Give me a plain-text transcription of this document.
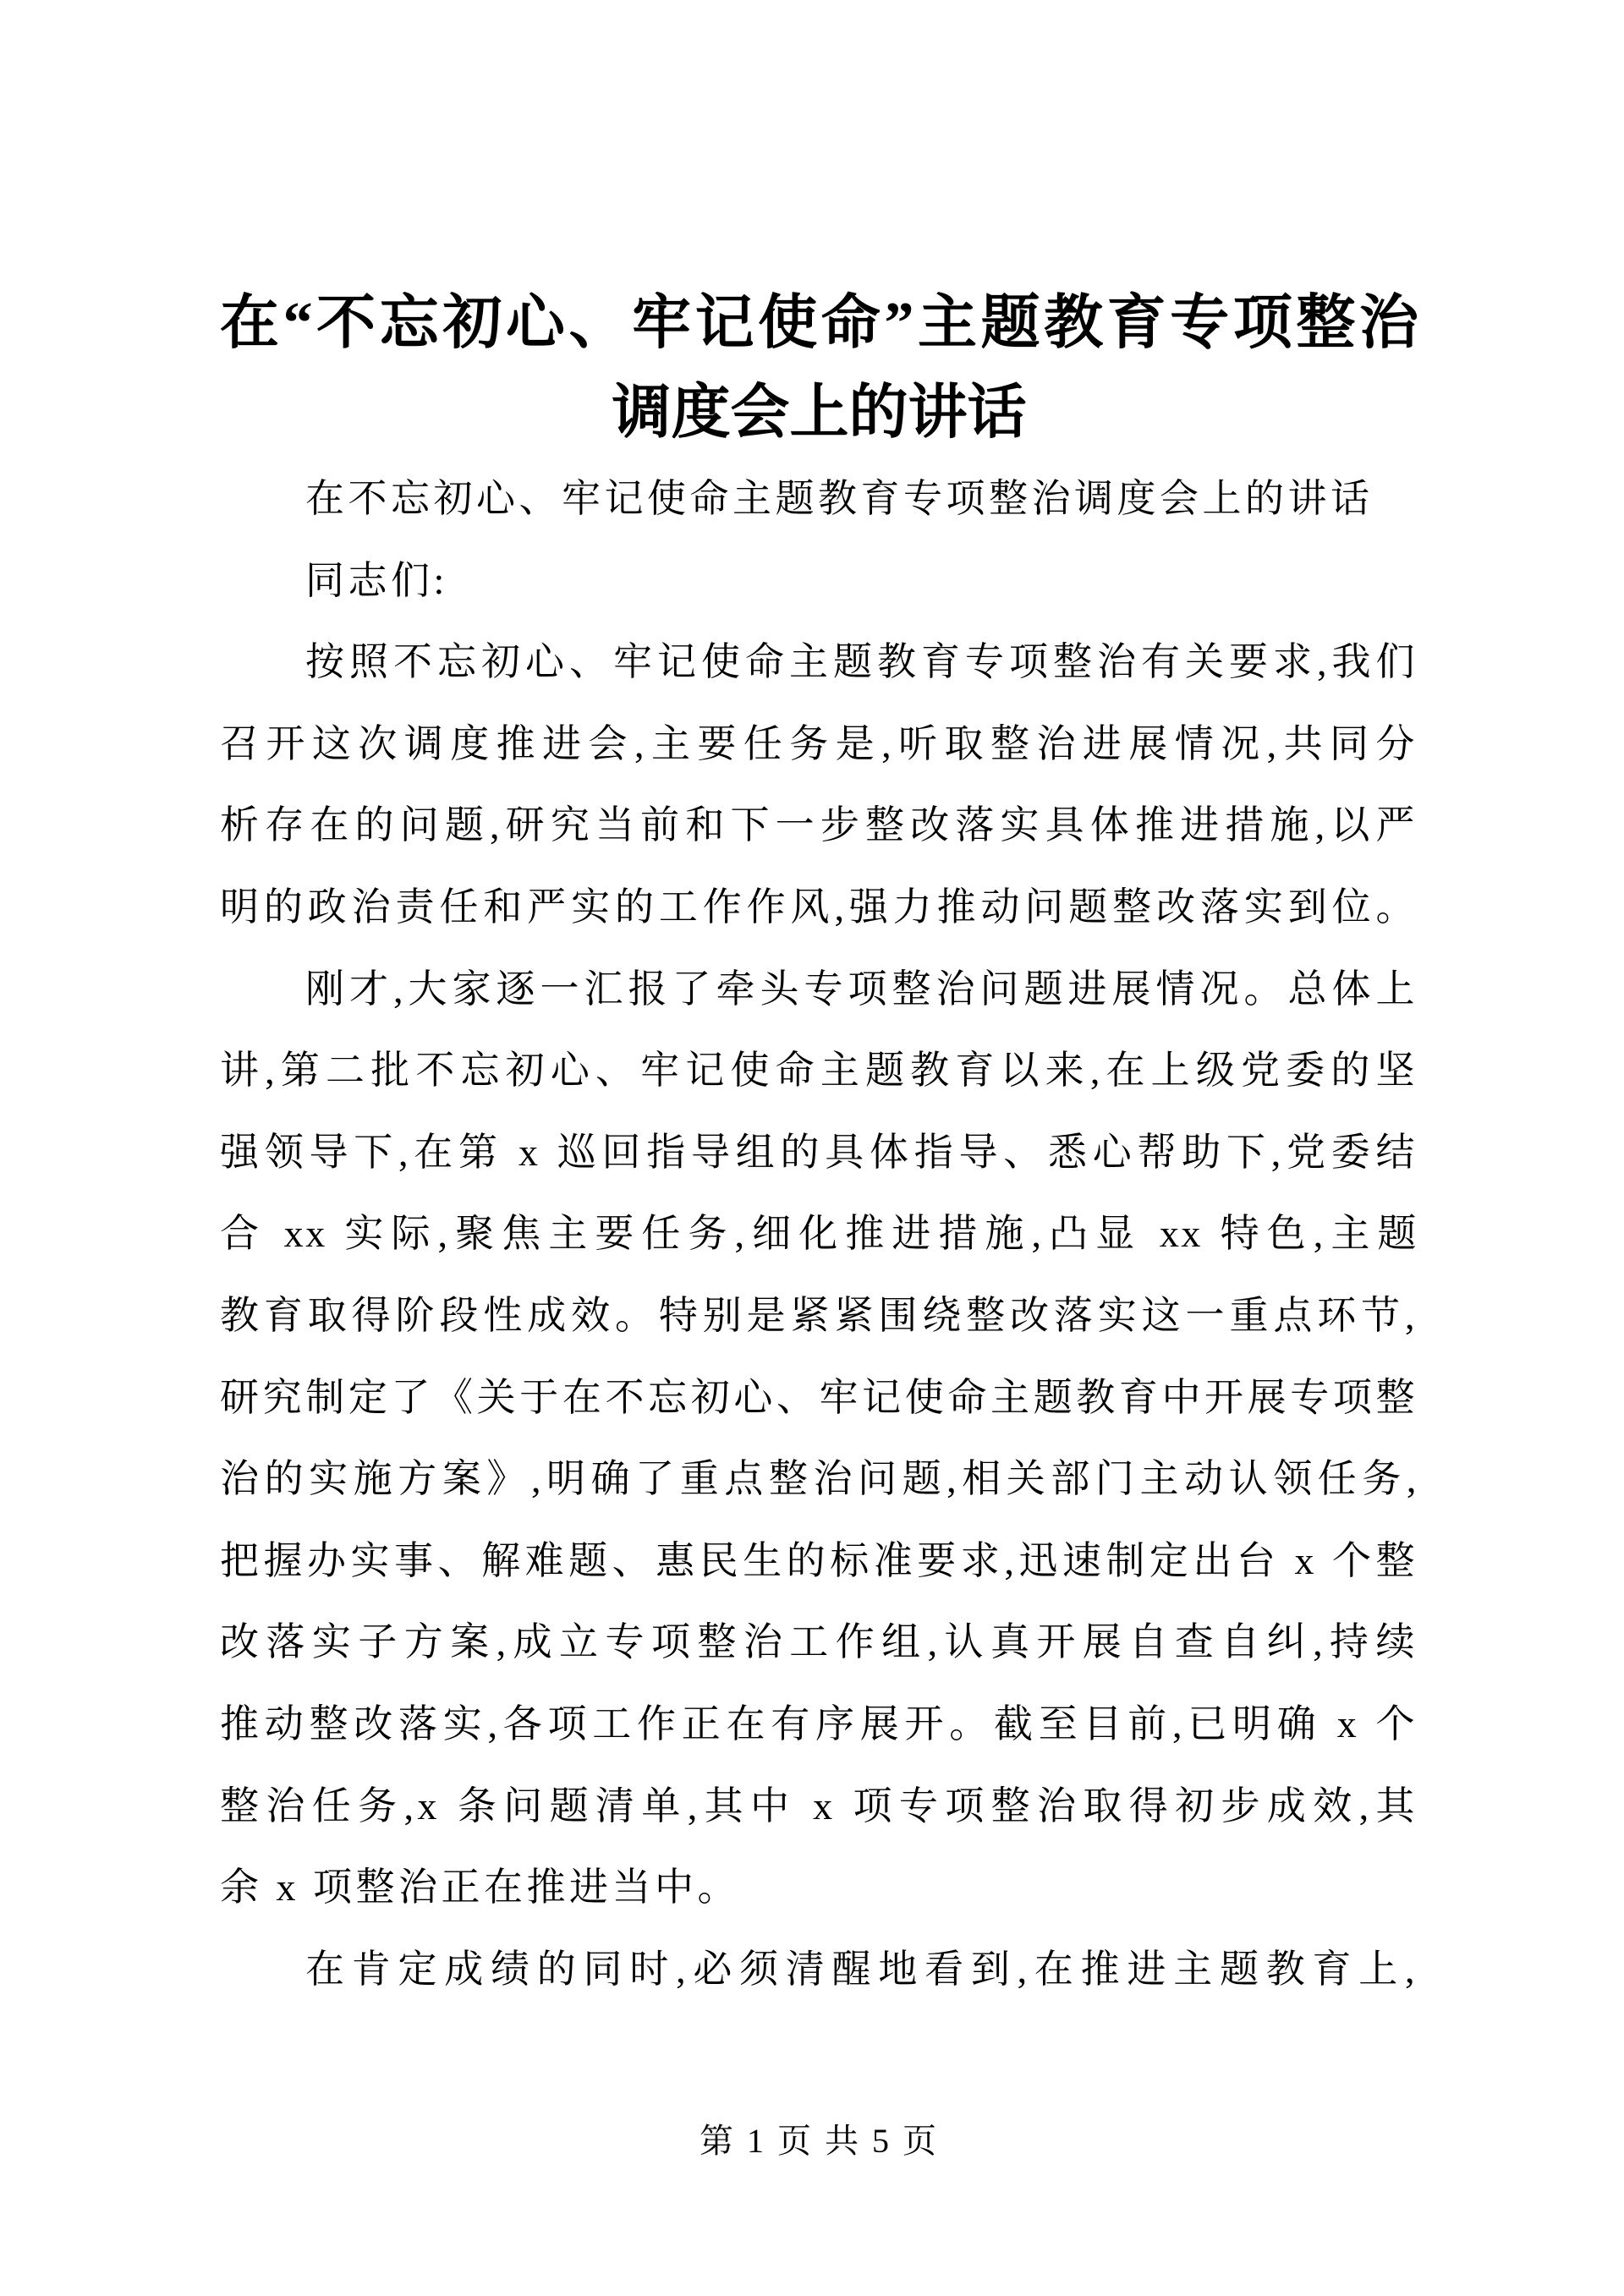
在“不忘初心、牢记使命”主题教育专项整治
调度会上的讲话
在不忘初心、牢记使命主题教育专项整治调度会上的讲话
同志们:
按照不忘初心、牢记使命主题教育专项整治有关要求,我们
召开这次调度推进会,主要任务是,听取整治进展情况,共同分
析存在的问题,研究当前和下一步整改落实具体推进措施,以严
明的政治责任和严实的工作作风,强力推动问题整改落实到位。
刚才,大家逐一汇报了牵头专项整治问题进展情况。总体上
讲,第二批不忘初心、牢记使命主题教育以来,在上级党委的坚
强领导下,在第 x 巡回指导组的具体指导、悉心帮助下,党委结
合 xx 实际,聚焦主要任务,细化推进措施,凸显 xx 特色,主题
教育取得阶段性成效。特别是紧紧围绕整改落实这一重点环节,
研究制定了《关于在不忘初心、牢记使命主题教育中开展专项整
治的实施方案》,明确了重点整治问题,相关部门主动认领任务,
把握办实事、解难题、惠民生的标准要求,迅速制定出台 x 个整
改落实子方案,成立专项整治工作组,认真开展自查自纠,持续
推动整改落实,各项工作正在有序展开。截至目前,已明确 x 个
整治任务,x 条问题清单,其中 x 项专项整治取得初步成效,其
余 x 项整治正在推进当中。
在肯定成绩的同时,必须清醒地看到,在推进主题教育上,
第 1 页 共 5 页
